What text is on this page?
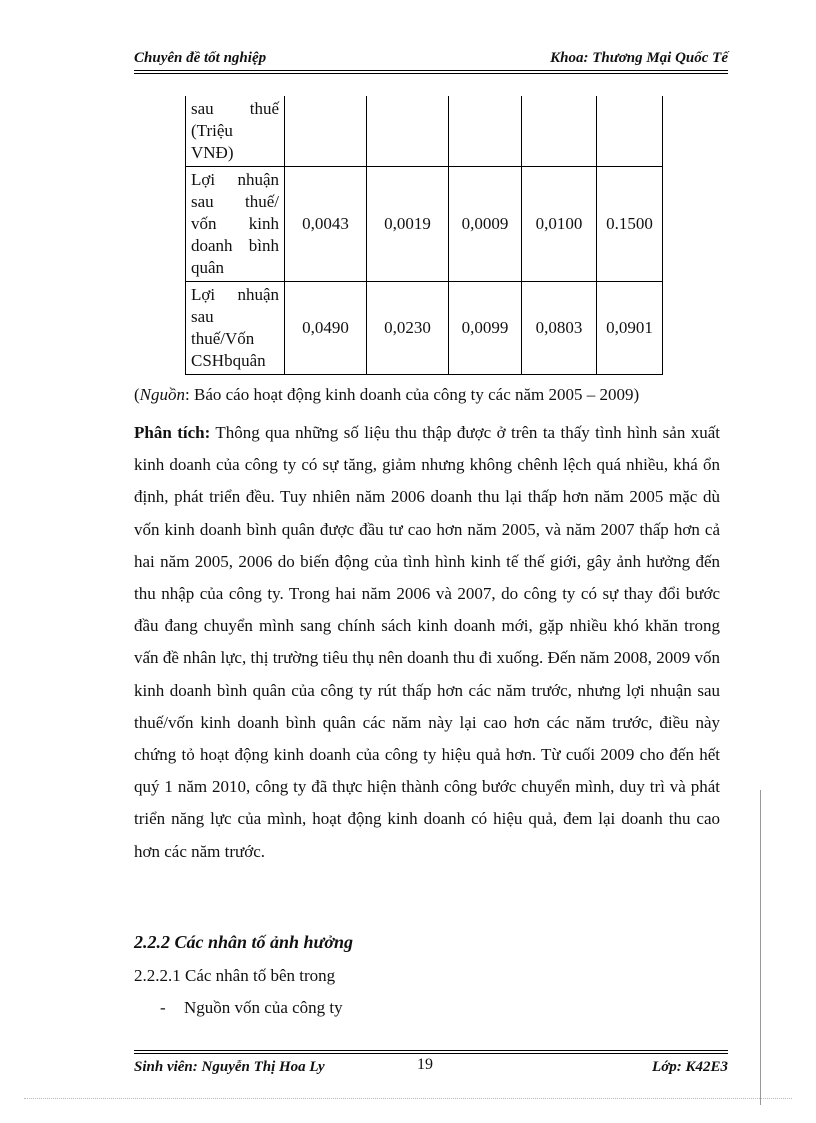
Chuyên đề tốt nghiệp	Khoa: Thương Mại Quốc Tế
sau thuế (Triệu VNĐ)					
Lợi nhuận sau thuế/ vốn kinh doanh bình quân	0,0043	0,0019	0,0009	0,0100	0.1500
Lợi nhuận sau thuế/Vốn CSHbquân	0,0490	0,0230	0,0099	0,0803	0,0901
(Nguồn: Báo cáo hoạt động kinh doanh của công ty các năm 2005 – 2009)

Phân tích: Thông qua những số liệu thu thập được ở trên ta thấy tình hình sản xuất kinh doanh của công ty có sự tăng, giảm nhưng không chênh lệch quá nhiều, khá ổn định, phát triển đều. Tuy nhiên năm 2006 doanh thu lại thấp hơn năm 2005 mặc dù vốn kinh doanh bình quân được đầu tư cao hơn năm 2005, và năm 2007 thấp hơn cả hai năm 2005, 2006 do biến động của tình hình kinh tế thế giới, gây ảnh hưởng đến thu nhập của công ty. Trong hai năm 2006 và 2007, do công ty có sự thay đổi bước đầu đang chuyển mình sang chính sách kinh doanh mới, gặp nhiều khó khăn trong vấn đề nhân lực, thị trường tiêu thụ nên doanh thu đi xuống. Đến năm 2008, 2009 vốn kinh doanh bình quân của công ty rút thấp hơn các năm trước, nhưng lợi nhuận sau thuế/vốn kinh doanh bình quân các năm này lại cao hơn các năm trước, điều này chứng tỏ hoạt động kinh doanh của công ty hiệu quả hơn. Từ cuối 2009 cho đến hết quý 1 năm 2010, công ty đã thực hiện thành công bước chuyển mình, duy trì và phát triển năng lực của mình, hoạt động kinh doanh có hiệu quả, đem lại doanh thu cao hơn các năm trước.

2.2.2 Các nhân tố ảnh hưởng
2.2.2.1 Các nhân tố bên trong
- Nguồn vốn của công ty
Sinh viên: Nguyễn Thị Hoa Ly	19	Lớp: K42E3
